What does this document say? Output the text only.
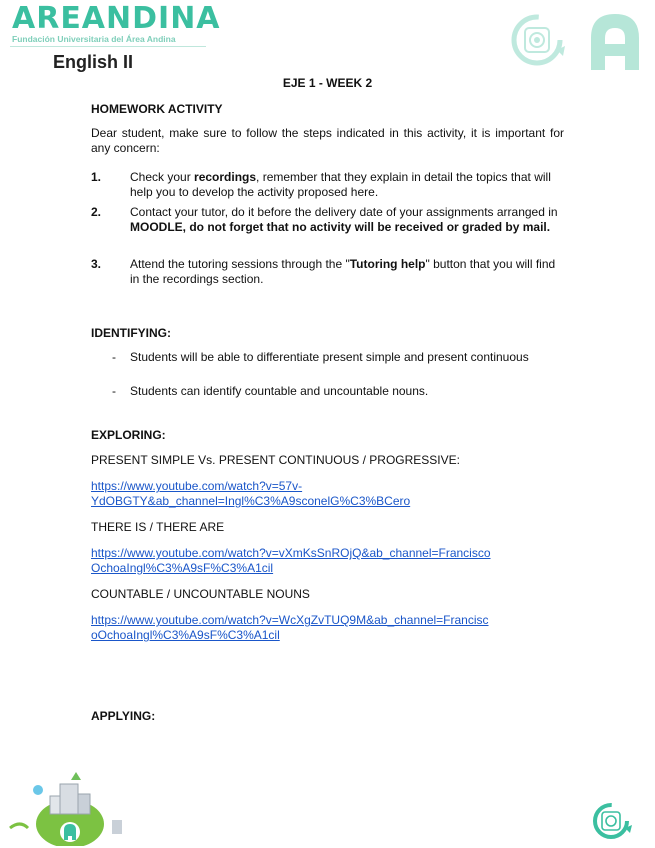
AREANDINA
Fundación Universitaria del Área Andina
English II
EJE 1 - WEEK 2
HOMEWORK ACTIVITY
Dear student, make sure to follow the steps indicated in this activity, it is important for any concern:
1. Check your recordings, remember that they explain in detail the topics that will help you to develop the activity proposed here.
2. Contact your tutor, do it before the delivery date of your assignments arranged in MOODLE, do not forget that no activity will be received or graded by mail.
3. Attend the tutoring sessions through the "Tutoring help" button that you will find in the recordings section.
IDENTIFYING:
- Students will be able to differentiate present simple and present continuous
- Students can identify countable and uncountable nouns.
EXPLORING:
PRESENT SIMPLE Vs. PRESENT CONTINUOUS / PROGRESSIVE:
https://www.youtube.com/watch?v=57v-
YdOBGTY&ab_channel=Ingl%C3%A9sconelG%C3%BCero
THERE IS / THERE ARE
https://www.youtube.com/watch?v=vXmKsSnROjQ&ab_channel=Francisco
OchoaIngl%C3%A9sF%C3%A1cil
COUNTABLE / UNCOUNTABLE NOUNS
https://www.youtube.com/watch?v=WcXgZvTUQ9M&ab_channel=Francisc
oOchoaIngl%C3%A9sF%C3%A1cil
APPLYING:
